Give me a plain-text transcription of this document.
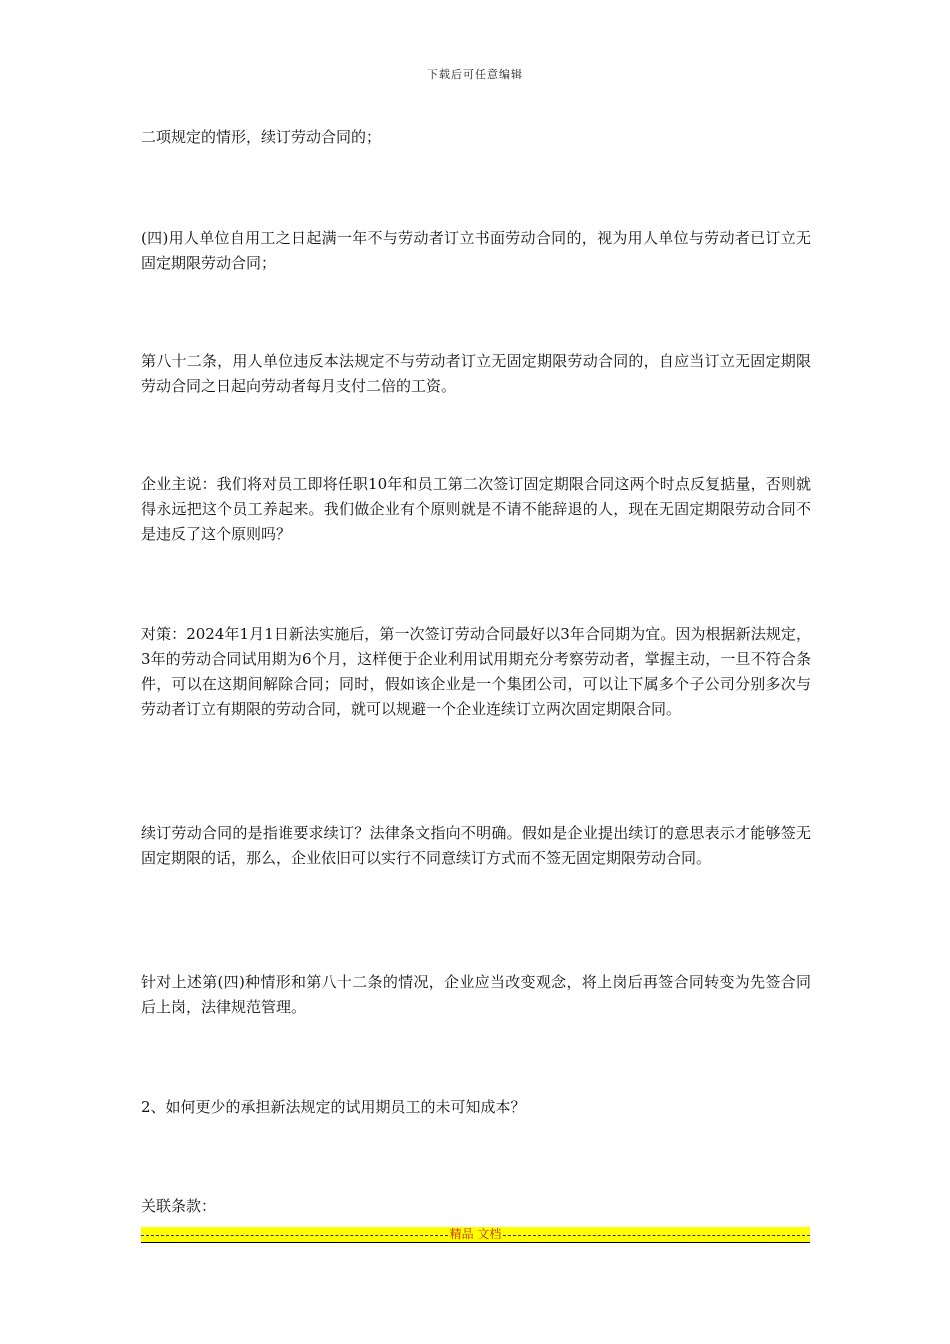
下载后可任意编辑

二项规定的情形，续订劳动合同的；

(四)用人单位自用工之日起满一年不与劳动者订立书面劳动合同的，视为用人单位与劳动者已订立无固定期限劳动合同；

第八十二条，用人单位违反本法规定不与劳动者订立无固定期限劳动合同的，自应当订立无固定期限劳动合同之日起向劳动者每月支付二倍的工资。

企业主说：我们将对员工即将任职10年和员工第二次签订固定期限合同这两个时点反复掂量，否则就得永远把这个员工养起来。我们做企业有个原则就是不请不能辞退的人，现在无固定期限劳动合同不是违反了这个原则吗？

对策：2024年1月1日新法实施后，第一次签订劳动合同最好以3年合同期为宜。因为根据新法规定，3年的劳动合同试用期为6个月，这样便于企业利用试用期充分考察劳动者，掌握主动，一旦不符合条件，可以在这期间解除合同；同时，假如该企业是一个集团公司，可以让下属多个子公司分别多次与劳动者订立有期限的劳动合同，就可以规避一个企业连续订立两次固定期限合同。

续订劳动合同的是指谁要求续订？法律条文指向不明确。假如是企业提出续订的意思表示才能够签无固定期限的话，那么，企业依旧可以实行不同意续订方式而不签无固定期限劳动合同。

针对上述第(四)种情形和第八十二条的情况，企业应当改变观念，将上岗后再签合同转变为先签合同后上岗，法律规范管理。

2、如何更少的承担新法规定的试用期员工的未可知成本？

关联条款：

精品 文档
